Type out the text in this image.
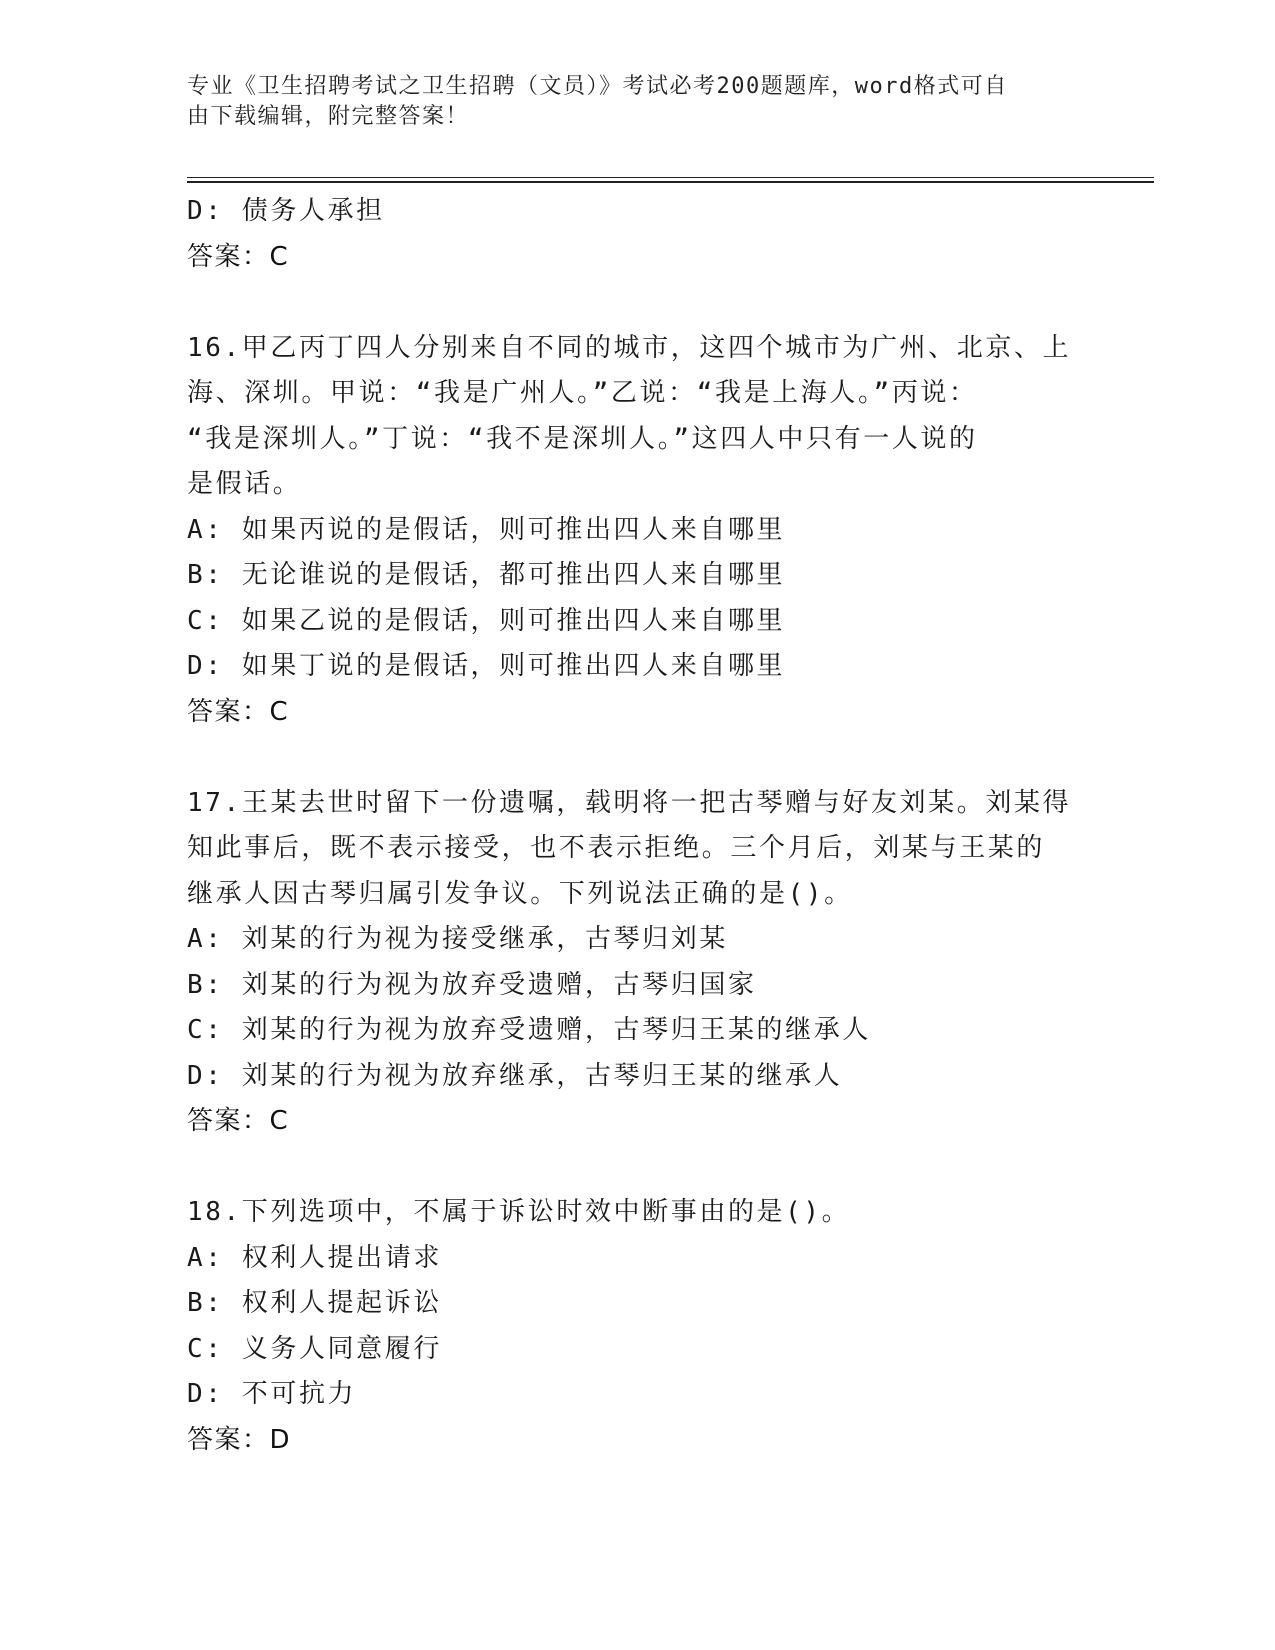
专业《卫生招聘考试之卫生招聘（文员）》考试必考200题题库，word格式可自
由下载编辑，附完整答案！
D: 债务人承担
答案：C
16.甲乙丙丁四人分别来自不同的城市，这四个城市为广州、北京、上
海、深圳。甲说：“我是广州人。”乙说：“我是上海人。”丙说：
“我是深圳人。”丁说：“我不是深圳人。”这四人中只有一人说的
是假话。
A: 如果丙说的是假话，则可推出四人来自哪里
B: 无论谁说的是假话，都可推出四人来自哪里
C: 如果乙说的是假话，则可推出四人来自哪里
D: 如果丁说的是假话，则可推出四人来自哪里
答案：C
17.王某去世时留下一份遗嘱，载明将一把古琴赠与好友刘某。刘某得
知此事后，既不表示接受，也不表示拒绝。三个月后，刘某与王某的
继承人因古琴归属引发争议。下列说法正确的是()。
A: 刘某的行为视为接受继承，古琴归刘某
B: 刘某的行为视为放弃受遗赠，古琴归国家
C: 刘某的行为视为放弃受遗赠，古琴归王某的继承人
D: 刘某的行为视为放弃继承，古琴归王某的继承人
答案：C
18.下列选项中，不属于诉讼时效中断事由的是()。
A: 权利人提出请求
B: 权利人提起诉讼
C: 义务人同意履行
D: 不可抗力
答案：D
